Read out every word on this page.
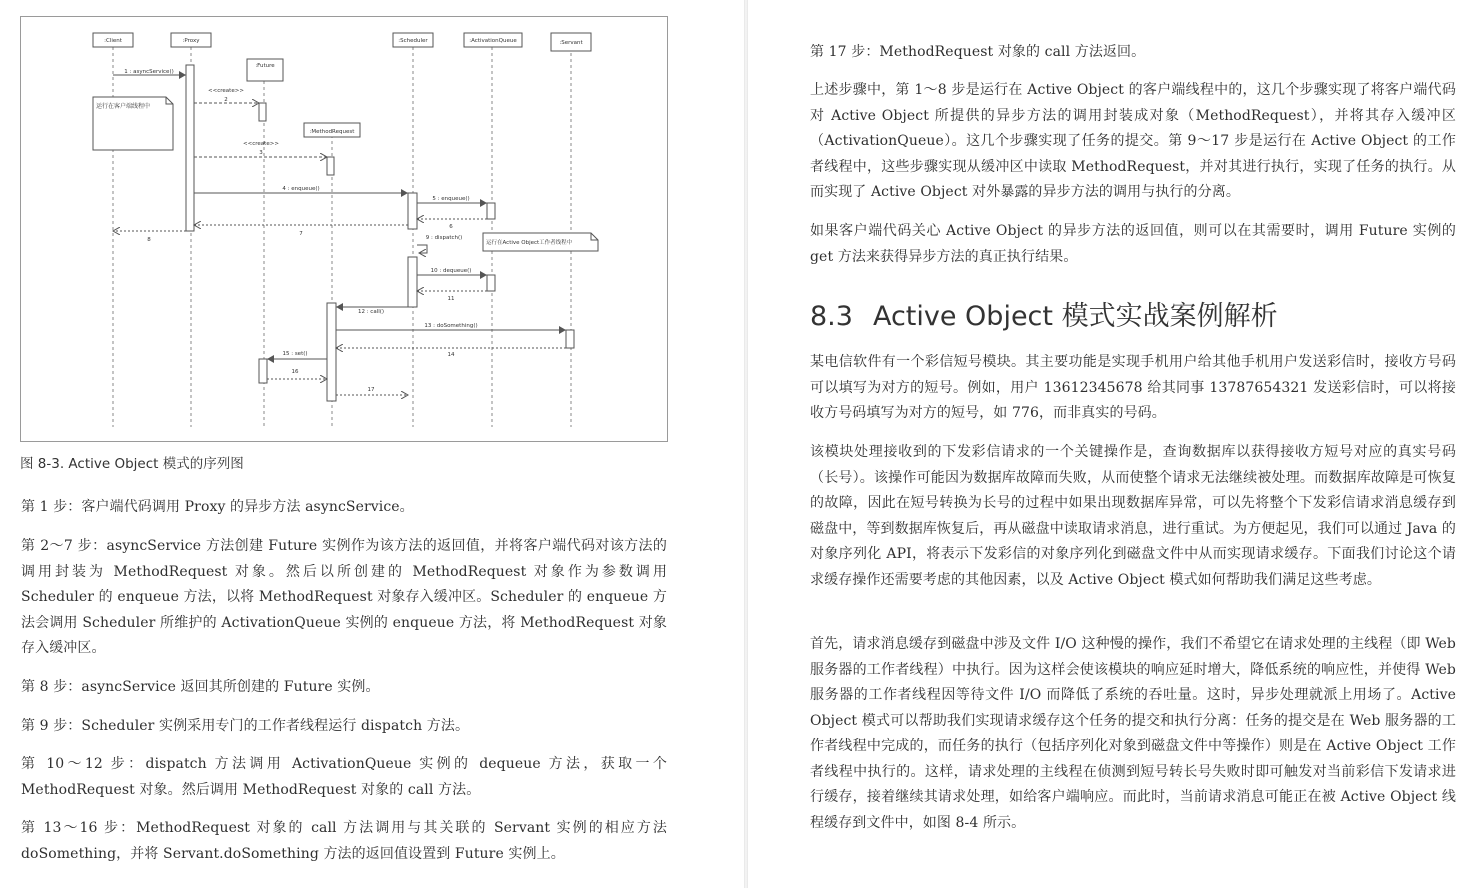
:Client	:Proxy
:Future
:MethodRequest
:Scheduler	:ActivationQueue	:Servant
运行在客户端线程中
运行在Active Object工作者线程中
1 : asyncService()
<<create>>
2
<<create>>
3
4 : enqueue()
5 : enqueue()
6
7
8	9 : dispatch()
10 : dequeue()
11
12 : call()
13 : doSomething()
14
15 : set()
16
17
图 8-3. Active Object 模式的序列图
第 1 步：客户端代码调用 Proxy 的异步方法 asyncService。
第 2～7 步：asyncService 方法创建 Future 实例作为该方法的返回值，并将客户端代码对该方法的调用封装为 MethodRequest 对象。然后以所创建的 MethodRequest 对象作为参数调用 Scheduler 的 enqueue 方法，以将 MethodRequest 对象存入缓冲区。Scheduler 的 enqueue 方法会调用 Scheduler 所维护的 ActivationQueue 实例的 enqueue 方法，将 MethodRequest 对象存入缓冲区。
第 8 步：asyncService 返回其所创建的 Future 实例。
第 9 步：Scheduler 实例采用专门的工作者线程运行 dispatch 方法。
第 10～12 步：dispatch 方法调用 ActivationQueue 实例的 dequeue 方法，获取一个 MethodRequest 对象。然后调用 MethodRequest 对象的 call 方法。
第 13～16 步：MethodRequest 对象的 call 方法调用与其关联的 Servant 实例的相应方法 doSomething，并将 Servant.doSomething 方法的返回值设置到 Future 实例上。
第 17 步：MethodRequest 对象的 call 方法返回。
上述步骤中，第 1～8 步是运行在 Active Object 的客户端线程中的，这几个步骤实现了将客户端代码对 Active Object 所提供的异步方法的调用封装成对象（MethodRequest），并将其存入缓冲区（ActivationQueue）。这几个步骤实现了任务的提交。第 9～17 步是运行在 Active Object 的工作者线程中，这些步骤实现从缓冲区中读取 MethodRequest，并对其进行执行，实现了任务的执行。从而实现了 Active Object 对外暴露的异步方法的调用与执行的分离。
如果客户端代码关心 Active Object 的异步方法的返回值，则可以在其需要时，调用 Future 实例的 get 方法来获得异步方法的真正执行结果。
8.3 Active Object 模式实战案例解析
某电信软件有一个彩信短号模块。其主要功能是实现手机用户给其他手机用户发送彩信时，接收方号码可以填写为对方的短号。例如，用户 13612345678 给其同事 13787654321 发送彩信时，可以将接收方号码填写为对方的短号，如 776，而非真实的号码。
该模块处理接收到的下发彩信请求的一个关键操作是，查询数据库以获得接收方短号对应的真实号码（长号）。该操作可能因为数据库故障而失败，从而使整个请求无法继续被处理。而数据库故障是可恢复的故障，因此在短号转换为长号的过程中如果出现数据库异常，可以先将整个下发彩信请求消息缓存到磁盘中，等到数据库恢复后，再从磁盘中读取请求消息，进行重试。为方便起见，我们可以通过 Java 的对象序列化 API，将表示下发彩信的对象序列化到磁盘文件中从而实现请求缓存。下面我们讨论这个请求缓存操作还需要考虑的其他因素，以及 Active Object 模式如何帮助我们满足这些考虑。
首先，请求消息缓存到磁盘中涉及文件 I/O 这种慢的操作，我们不希望它在请求处理的主线程（即 Web 服务器的工作者线程）中执行。因为这样会使该模块的响应延时增大，降低系统的响应性，并使得 Web 服务器的工作者线程因等待文件 I/O 而降低了系统的吞吐量。这时，异步处理就派上用场了。Active Object 模式可以帮助我们实现请求缓存这个任务的提交和执行分离：任务的提交是在 Web 服务器的工作者线程中完成的，而任务的执行（包括序列化对象到磁盘文件中等操作）则是在 Active Object 工作者线程中执行的。这样，请求处理的主线程在侦测到短号转长号失败时即可触发对当前彩信下发请求进行缓存，接着继续其请求处理，如给客户端响应。而此时，当前请求消息可能正在被 Active Object 线程缓存到文件中，如图 8-4 所示。
